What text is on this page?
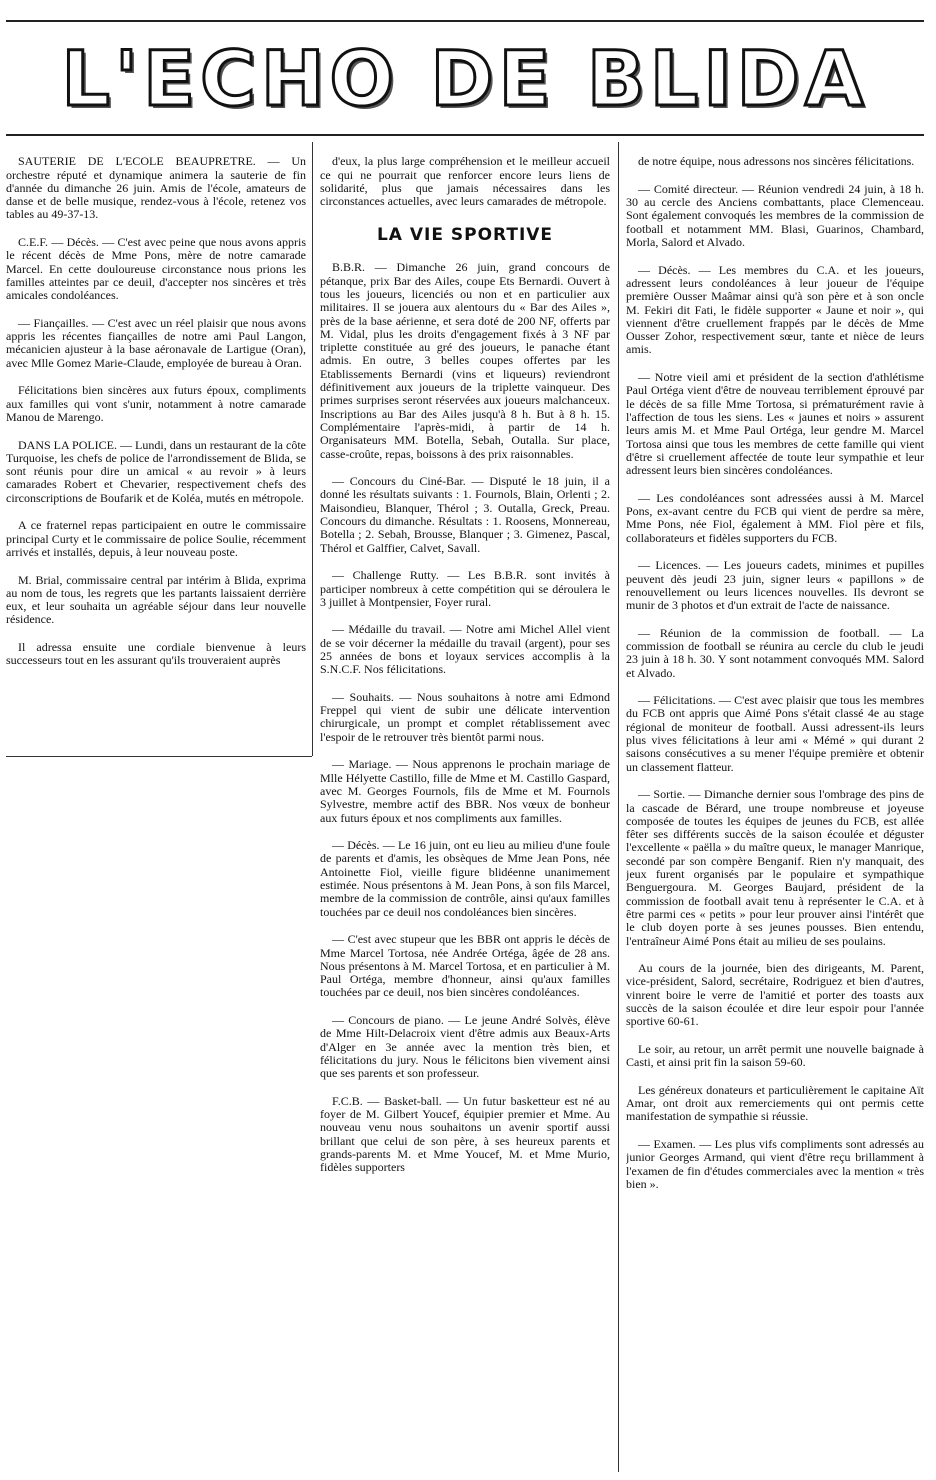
L'ECHO DE BLIDA

SAUTERIE DE L'ECOLE BEAUPRETRE. — Un orchestre réputé et dynamique animera la sauterie de fin d'année du dimanche 26 juin. Amis de l'école, amateurs de danse et de belle musique, rendez-vous à l'école, retenez vos tables au 49-37-13.

C.E.F. — Décès. — C'est avec peine que nous avons appris le récent décès de Mme Pons, mère de notre camarade Marcel. En cette douloureuse circonstance nous prions les familles atteintes par ce deuil, d'accepter nos sincères et très amicales condoléances.

— Fiançailles. — C'est avec un réel plaisir que nous avons appris les récentes fiançailles de notre ami Paul Langon, mécanicien ajusteur à la base aéronavale de Lartigue (Oran), avec Mlle Gomez Marie-Claude, employée de bureau à Oran.

Félicitations bien sincères aux futurs époux, compliments aux familles qui vont s'unir, notamment à notre camarade Manou de Marengo.

DANS LA POLICE. — Lundi, dans un restaurant de la côte Turquoise, les chefs de police de l'arrondissement de Blida, se sont réunis pour dire un amical « au revoir » à leurs camarades Robert et Chevarier, respectivement chefs des circonscriptions de Boufarik et de Koléa, mutés en métropole.

A ce fraternel repas participaient en outre le commissaire principal Curty et le commissaire de police Soulie, récemment arrivés et installés, depuis, à leur nouveau poste.

M. Brial, commissaire central par intérim à Blida, exprima au nom de tous, les regrets que les partants laissaient derrière eux, et leur souhaita un agréable séjour dans leur nouvelle résidence.

Il adressa ensuite une cordiale bienvenue à leurs successeurs tout en les assurant qu'ils trouveraient auprès

d'eux, la plus large compréhension et le meilleur accueil ce qui ne pourrait que renforcer encore leurs liens de solidarité, plus que jamais nécessaires dans les circonstances actuelles, avec leurs camarades de métropole.

LA VIE SPORTIVE

B.B.R. — Dimanche 26 juin, grand concours de pétanque, prix Bar des Ailes, coupe Ets Bernardi. Ouvert à tous les joueurs, licenciés ou non et en particulier aux militaires. Il se jouera aux alentours du « Bar des Ailes », près de la base aérienne, et sera doté de 200 NF, offerts par M. Vidal, plus les droits d'engagement fixés à 3 NF par triplette constituée au gré des joueurs, le panache étant admis. En outre, 3 belles coupes offertes par les Etablissements Bernardi (vins et liqueurs) reviendront définitivement aux joueurs de la triplette vainqueur. Des primes surprises seront réservées aux joueurs malchanceux. Inscriptions au Bar des Ailes jusqu'à 8 h. But à 8 h. 15. Complémentaire l'après-midi, à partir de 14 h. Organisateurs MM. Botella, Sebah, Outalla. Sur place, casse-croûte, repas, boissons à des prix raisonnables.

— Concours du Ciné-Bar. — Disputé le 18 juin, il a donné les résultats suivants : 1. Fournols, Blain, Orlenti ; 2. Maisondieu, Blanquer, Thérol ; 3. Outalla, Greck, Preau. Concours du dimanche. Résultats : 1. Roosens, Monnereau, Botella ; 2. Sebah, Brousse, Blanquer ; 3. Gimenez, Pascal, Thérol et Galffier, Calvet, Savall.

— Challenge Rutty. — Les B.B.R. sont invités à participer nombreux à cette compétition qui se déroulera le 3 juillet à Montpensier, Foyer rural.

— Médaille du travail. — Notre ami Michel Allel vient de se voir décerner la médaille du travail (argent), pour ses 25 années de bons et loyaux services accomplis à la S.N.C.F. Nos félicitations.

— Souhaits. — Nous souhaitons à notre ami Edmond Freppel qui vient de subir une délicate intervention chirurgicale, un prompt et complet rétablissement avec l'espoir de le retrouver très bientôt parmi nous.

— Mariage. — Nous apprenons le prochain mariage de Mlle Hélyette Castillo, fille de Mme et M. Castillo Gaspard, avec M. Georges Fournols, fils de Mme et M. Fournols Sylvestre, membre actif des BBR. Nos vœux de bonheur aux futurs époux et nos compliments aux familles.

— Décès. — Le 16 juin, ont eu lieu au milieu d'une foule de parents et d'amis, les obsèques de Mme Jean Pons, née Antoinette Fiol, vieille figure blidéenne unanimement estimée. Nous présentons à M. Jean Pons, à son fils Marcel, membre de la commission de contrôle, ainsi qu'aux familles touchées par ce deuil nos condoléances bien sincères.

— C'est avec stupeur que les BBR ont appris le décès de Mme Marcel Tortosa, née Andrée Ortéga, âgée de 28 ans. Nous présentons à M. Marcel Tortosa, et en particulier à M. Paul Ortéga, membre d'honneur, ainsi qu'aux familles touchées par ce deuil, nos bien sincères condoléances.

— Concours de piano. — Le jeune André Solvès, élève de Mme Hilt-Delacroix vient d'être admis aux Beaux-Arts d'Alger en 3e année avec la mention très bien, et félicitations du jury. Nous le félicitons bien vivement ainsi que ses parents et son professeur.

F.C.B. — Basket-ball. — Un futur basketteur est né au foyer de M. Gilbert Youcef, équipier premier et Mme. Au nouveau venu nous souhaitons un avenir sportif aussi brillant que celui de son père, à ses heureux parents et grands-parents M. et Mme Youcef, M. et Mme Murio, fidèles supporters

de notre équipe, nous adressons nos sincères félicitations.

— Comité directeur. — Réunion vendredi 24 juin, à 18 h. 30 au cercle des Anciens combattants, place Clemenceau. Sont également convoqués les membres de la commission de football et notamment MM. Blasi, Guarinos, Chambard, Morla, Salord et Alvado.

— Décès. — Les membres du C.A. et les joueurs, adressent leurs condoléances à leur joueur de l'équipe première Ousser Maâmar ainsi qu'à son père et à son oncle M. Fekiri dit Fati, le fidèle supporter « Jaune et noir », qui viennent d'être cruellement frappés par le décès de Mme Ousser Zohor, respectivement sœur, tante et nièce de leurs amis.

— Notre vieil ami et président de la section d'athlétisme Paul Ortéga vient d'être de nouveau terriblement éprouvé par le décès de sa fille Mme Tortosa, si prématurément ravie à l'affection de tous les siens. Les « jaunes et noirs » assurent leurs amis M. et Mme Paul Ortéga, leur gendre M. Marcel Tortosa ainsi que tous les membres de cette famille qui vient d'être si cruellement affectée de toute leur sympathie et leur adressent leurs bien sincères condoléances.

— Les condoléances sont adressées aussi à M. Marcel Pons, ex-avant centre du FCB qui vient de perdre sa mère, Mme Pons, née Fiol, également à MM. Fiol père et fils, collaborateurs et fidèles supporters du FCB.

— Licences. — Les joueurs cadets, minimes et pupilles peuvent dès jeudi 23 juin, signer leurs « papillons » de renouvellement ou leurs licences nouvelles. Ils devront se munir de 3 photos et d'un extrait de l'acte de naissance.

— Réunion de la commission de football. — La commission de football se réunira au cercle du club le jeudi 23 juin à 18 h. 30. Y sont notamment convoqués MM. Salord et Alvado.

— Félicitations. — C'est avec plaisir que tous les membres du FCB ont appris que Aimé Pons s'était classé 4e au stage régional de moniteur de football. Aussi adressent-ils leurs plus vives félicitations à leur ami « Mémé » qui durant 2 saisons consécutives a su mener l'équipe première et obtenir un classement flatteur.

— Sortie. — Dimanche dernier sous l'ombrage des pins de la cascade de Bérard, une troupe nombreuse et joyeuse composée de toutes les équipes de jeunes du FCB, est allée fêter ses différents succès de la saison écoulée et déguster l'excellente « paëlla » du maître queux, le manager Manrique, secondé par son compère Benganif. Rien n'y manquait, des jeux furent organisés par le populaire et sympathique Benguergoura. M. Georges Baujard, président de la commission de football avait tenu à représenter le C.A. et à être parmi ces « petits » pour leur prouver ainsi l'intérêt que le club doyen porte à ses jeunes pousses. Bien entendu, l'entraîneur Aimé Pons était au milieu de ses poulains.

Au cours de la journée, bien des dirigeants, M. Parent, vice-président, Salord, secrétaire, Rodriguez et bien d'autres, vinrent boire le verre de l'amitié et porter des toasts aux succès de la saison écoulée et dire leur espoir pour l'année sportive 60-61.

Le soir, au retour, un arrêt permit une nouvelle baignade à Casti, et ainsi prit fin la saison 59-60.

Les généreux donateurs et particulièrement le capitaine Aït Amar, ont droit aux remerciements qui ont permis cette manifestation de sympathie si réussie.

— Examen. — Les plus vifs compliments sont adressés au junior Georges Armand, qui vient d'être reçu brillamment à l'examen de fin d'études commerciales avec la mention « très bien ».
